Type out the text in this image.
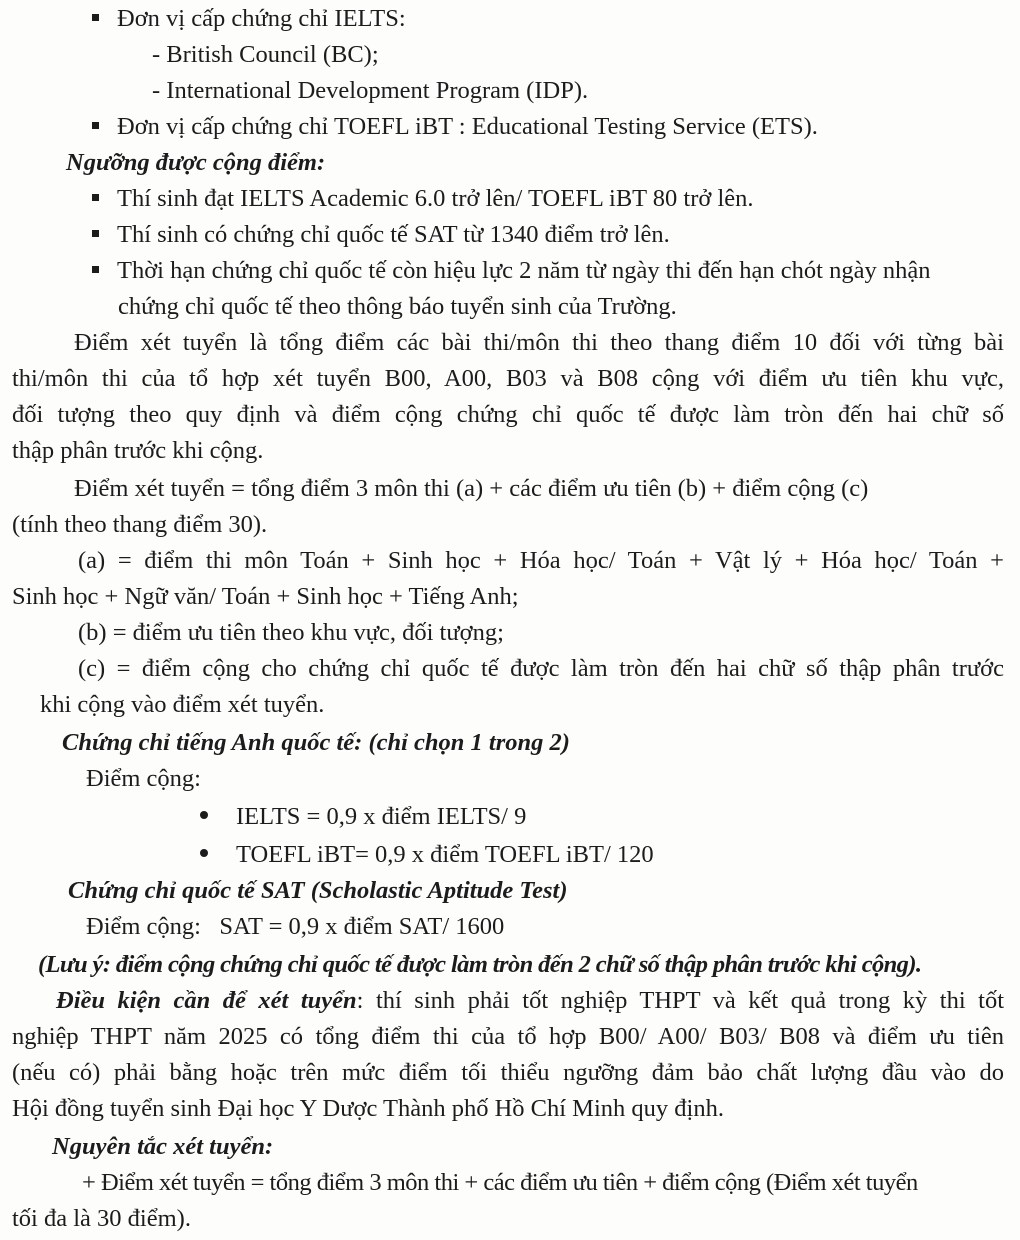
Đơn vị cấp chứng chỉ IELTS:
- British Council (BC);
- International Development Program (IDP).
Đơn vị cấp chứng chỉ TOEFL iBT : Educational Testing Service (ETS).
Ngưỡng được cộng điểm:
Thí sinh đạt IELTS Academic 6.0 trở lên/ TOEFL iBT 80 trở lên.
Thí sinh có chứng chỉ quốc tế SAT từ 1340 điểm trở lên.
Thời hạn chứng chỉ quốc tế còn hiệu lực 2 năm từ ngày thi đến hạn chót ngày nhận
chứng chỉ quốc tế theo thông báo tuyển sinh của Trường.
Điểm xét tuyển là tổng điểm các bài thi/môn thi theo thang điểm 10 đối với từng bài
thi/môn thi của tổ hợp xét tuyển B00, A00, B03 và B08 cộng với điểm ưu tiên khu vực,
đối tượng theo quy định và điểm cộng chứng chỉ quốc tế được làm tròn đến hai chữ số
thập phân trước khi cộng.
Điểm xét tuyển = tổng điểm 3 môn thi (a) + các điểm ưu tiên (b) + điểm cộng (c)
(tính theo thang điểm 30).
(a) = điểm thi môn Toán + Sinh học + Hóa học/ Toán + Vật lý + Hóa học/ Toán +
Sinh học + Ngữ văn/ Toán + Sinh học + Tiếng Anh;
(b) = điểm ưu tiên theo khu vực, đối tượng;
(c) = điểm cộng cho chứng chỉ quốc tế được làm tròn đến hai chữ số thập phân trước
khi cộng vào điểm xét tuyển.
Chứng chỉ tiếng Anh quốc tế: (chỉ chọn 1 trong 2)
Điểm cộng:
IELTS = 0,9 x điểm IELTS/ 9
TOEFL iBT= 0,9 x điểm TOEFL iBT/ 120
Chứng chỉ quốc tế SAT (Scholastic Aptitude Test)
Điểm cộng:   SAT = 0,9 x điểm SAT/ 1600
(Lưu ý: điểm cộng chứng chỉ quốc tế được làm tròn đến 2 chữ số thập phân trước khi cộng).
Điều kiện cần để xét tuyển: thí sinh phải tốt nghiệp THPT và kết quả trong kỳ thi tốt
nghiệp THPT năm 2025 có tổng điểm thi của tổ hợp B00/ A00/ B03/ B08 và điểm ưu tiên
(nếu có) phải bằng hoặc trên mức điểm tối thiểu ngưỡng đảm bảo chất lượng đầu vào do
Hội đồng tuyển sinh Đại học Y Dược Thành phố Hồ Chí Minh quy định.
Nguyên tắc xét tuyển:
+ Điểm xét tuyển = tổng điểm 3 môn thi + các điểm ưu tiên + điểm cộng (Điểm xét tuyển
tối đa là 30 điểm).
